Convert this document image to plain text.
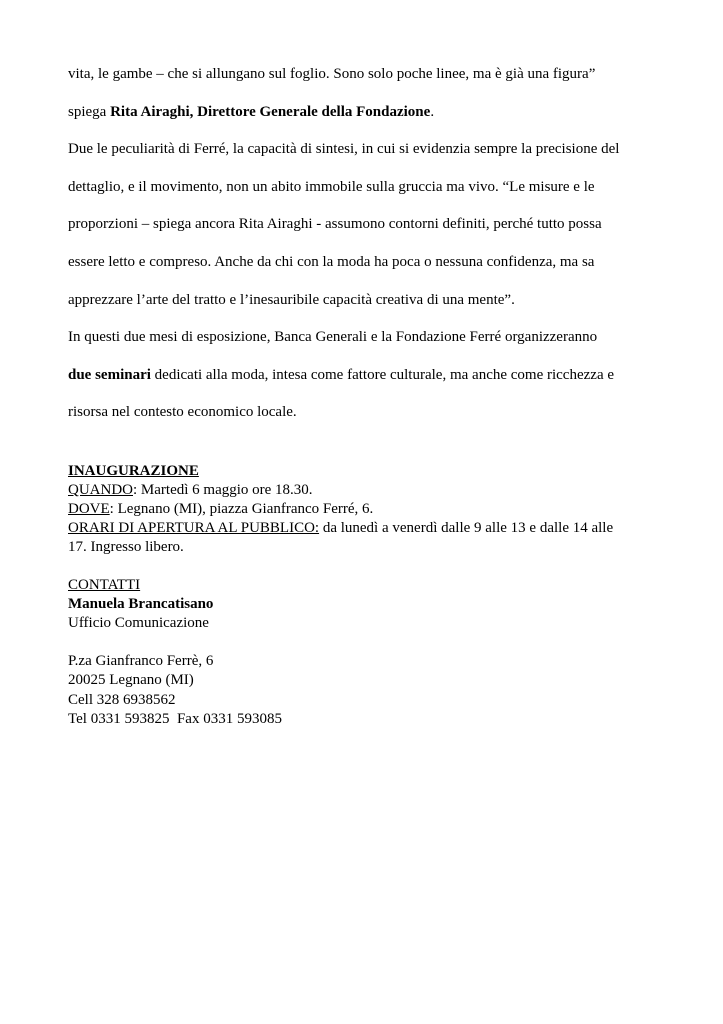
vita, le gambe – che si allungano sul foglio. Sono solo poche linee, ma è già una figura”

spiega Rita Airaghi, Direttore Generale della Fondazione.

Due le peculiarità di Ferré, la capacità di sintesi, in cui si evidenzia sempre la precisione del

dettaglio, e il movimento, non un abito immobile sulla gruccia ma vivo. “Le misure e le

proporzioni – spiega ancora Rita Airaghi - assumono contorni definiti, perché tutto possa

essere letto e compreso. Anche da chi con la moda ha poca o nessuna confidenza, ma sa

apprezzare l’arte del tratto e l’inesauribile capacità creativa di una mente”.

In questi due mesi di esposizione, Banca Generali e la Fondazione Ferré organizzeranno

due seminari dedicati alla moda, intesa come fattore culturale, ma anche come ricchezza e

risorsa nel contesto economico locale.

INAUGURAZIONE
QUANDO: Martedì 6 maggio ore 18.30.
DOVE: Legnano (MI), piazza Gianfranco Ferré, 6.
ORARI DI APERTURA AL PUBBLICO: da lunedì a venerdì dalle 9 alle 13 e dalle 14 alle
17. Ingresso libero.
CONTATTI
Manuela Brancatisano
Ufficio Comunicazione
P.za Gianfranco Ferrè, 6
20025 Legnano (MI)
Cell 328 6938562
Tel 0331 593825  Fax 0331 593085
